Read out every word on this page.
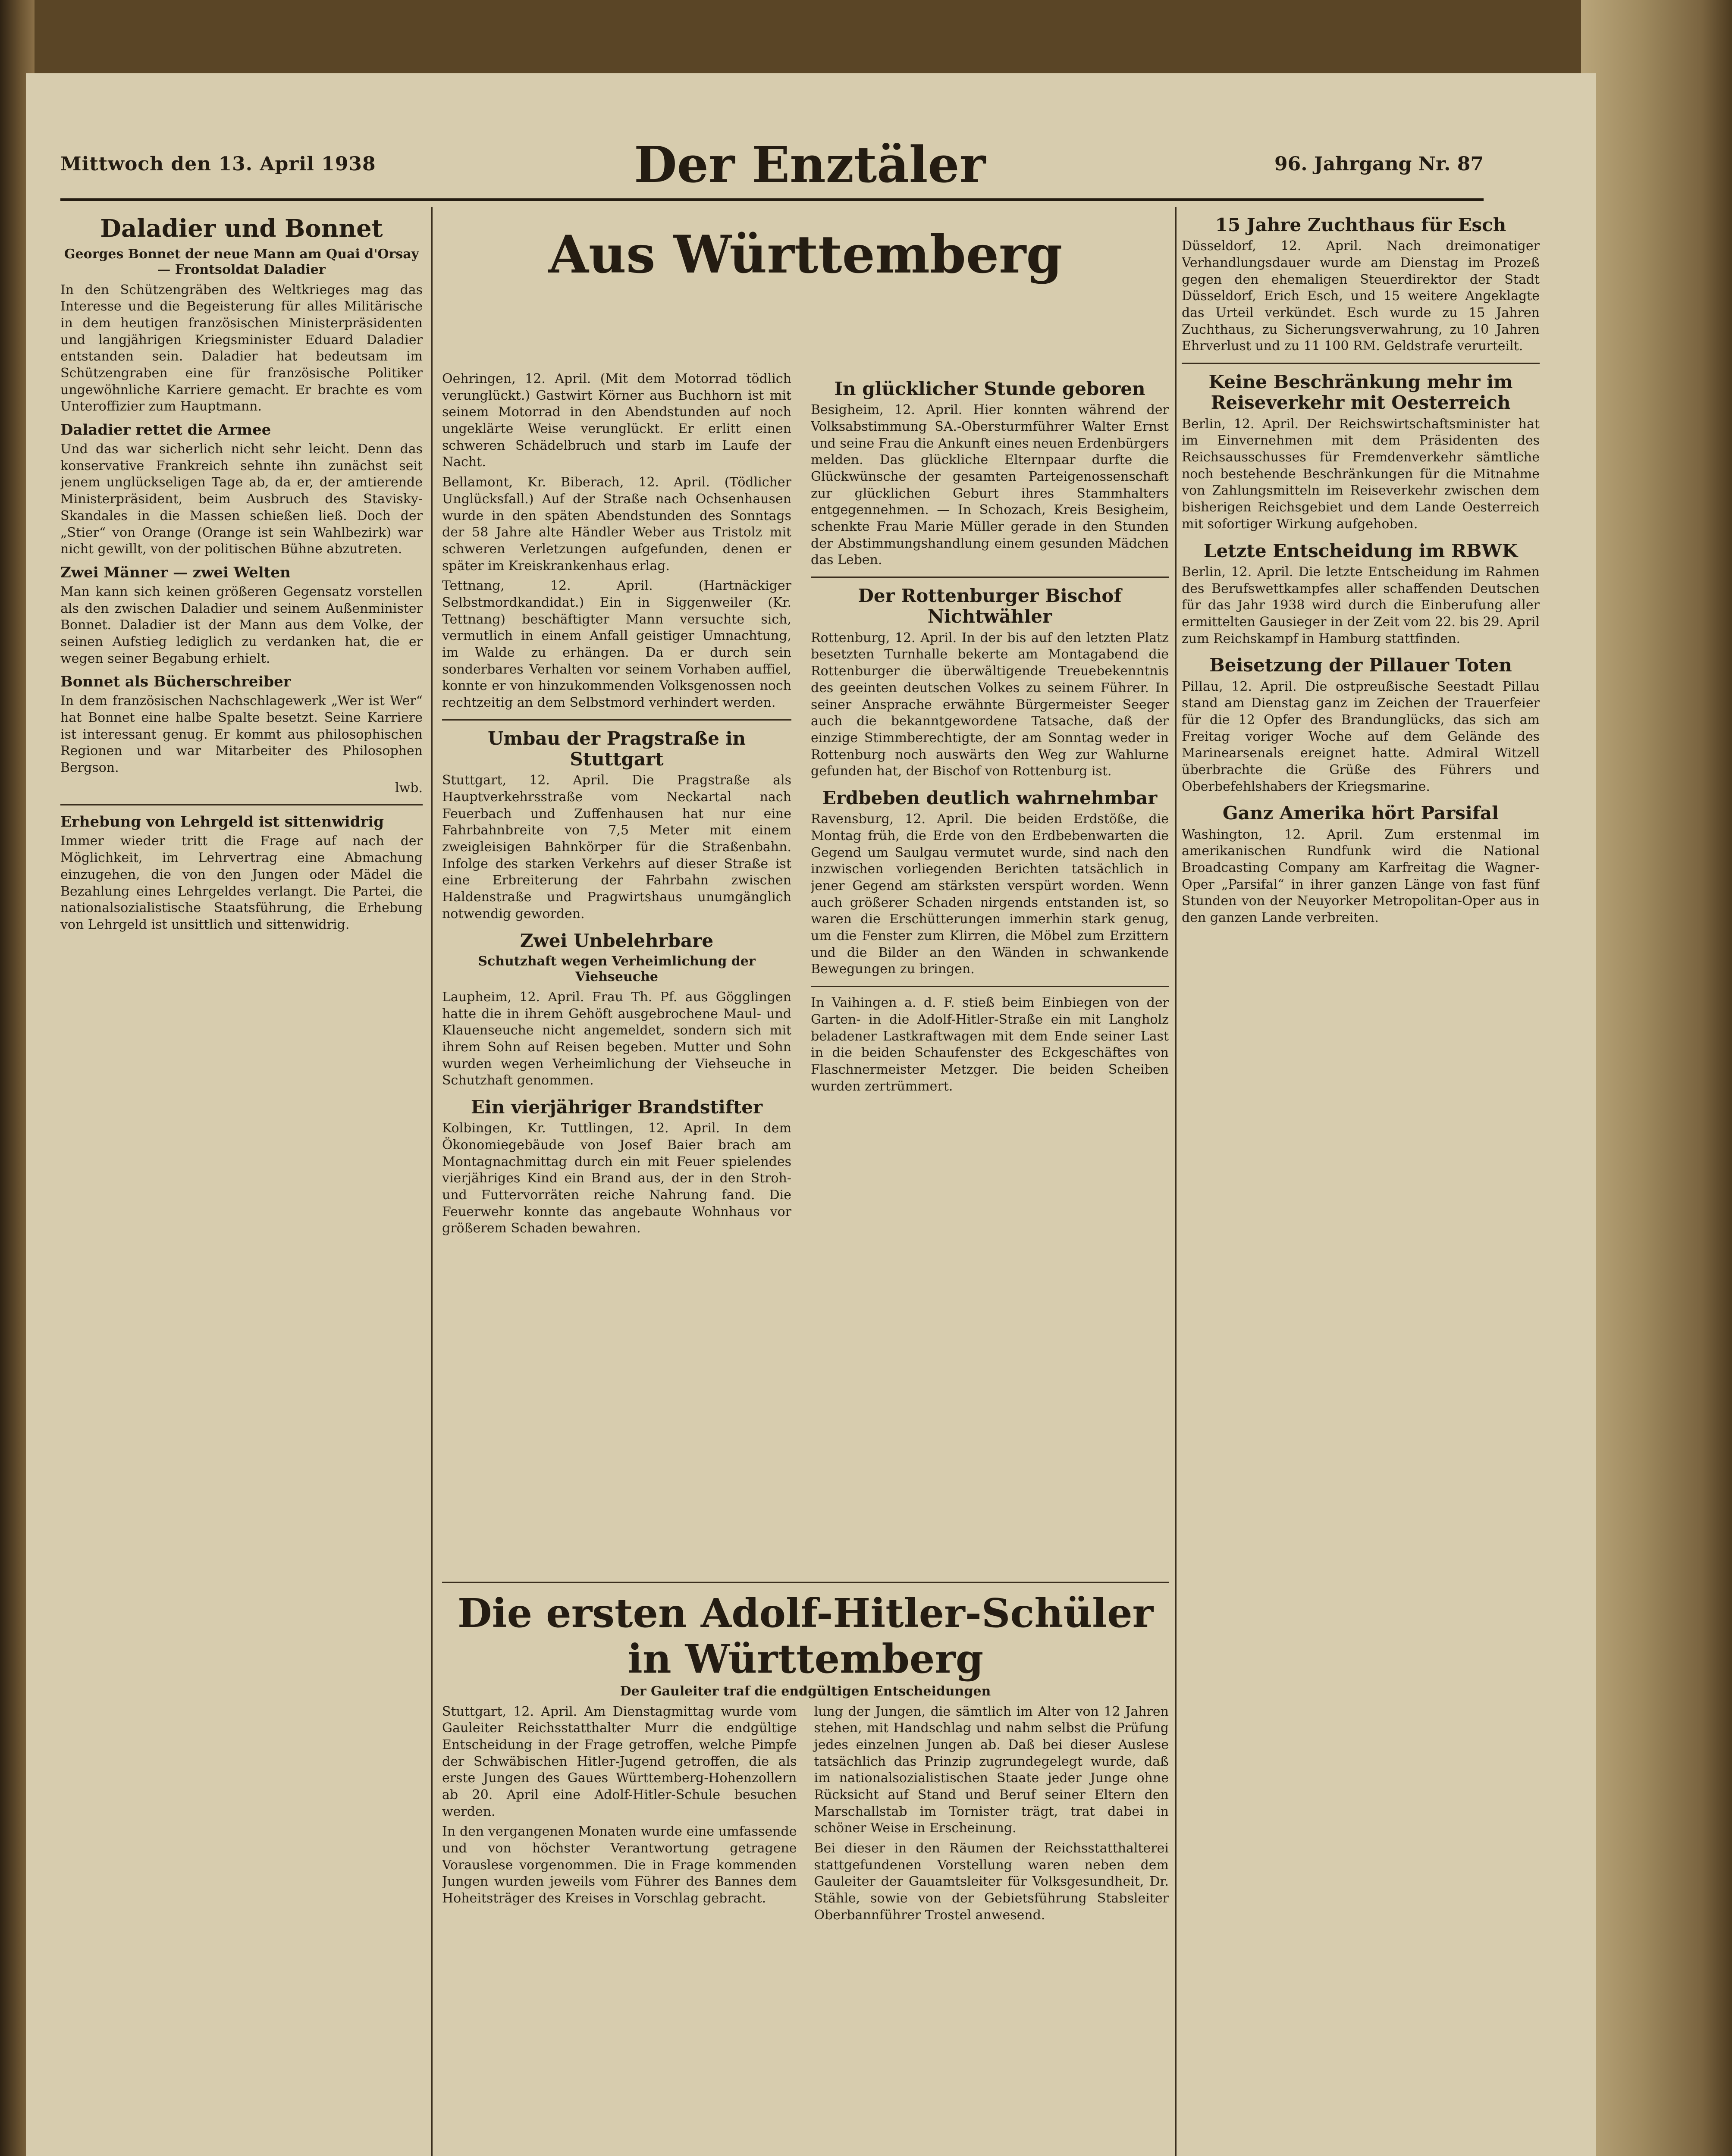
Mittwoch den 13. April 1938	Der Enztäler	96. Jahrgang Nr. 87
Daladier und Bonnet
Georges Bonnet der neue Mann am Quai d'Orsay — Frontsoldat Daladier

In den Schützengräben des Weltkrieges mag das Interesse und die Begeisterung für alles Militärische in dem heutigen französischen Ministerpräsidenten und langjährigen Kriegsminister Eduard Daladier entstanden sein. Daladier hat bedeutsam im Schützengraben eine für französische Politiker ungewöhnliche Karriere gemacht. Er brachte es vom Unteroffizier zum Hauptmann.

Daladier rettet die Armee

Und das war sicherlich nicht sehr leicht. Denn das konservative Frankreich sehnte ihn zunächst seit jenem unglückseligen Tage ab, da er, der amtierende Ministerpräsident, beim Ausbruch des Stavisky-Skandales in die Massen schießen ließ. Doch der „Stier“ von Orange (Orange ist sein Wahlbezirk) war nicht gewillt, von der politischen Bühne abzutreten.

Zwei Männer — zwei Welten

Man kann sich keinen größeren Gegensatz vorstellen als den zwischen Daladier und seinem Außenminister Bonnet. Daladier ist der Mann aus dem Volke, der seinen Aufstieg lediglich zu verdanken hat, die er wegen seiner Begabung erhielt.

Bonnet als Bücherschreiber

In dem französischen Nachschlagewerk „Wer ist Wer“ hat Bonnet eine halbe Spalte besetzt. Seine Karriere ist interessant genug. Er kommt aus philosophischen Regionen und war Mitarbeiter des Philosophen Bergson.

lwb.

Erhebung von Lehrgeld ist sittenwidrig

Immer wieder tritt die Frage auf nach der Möglichkeit, im Lehrvertrag eine Abmachung einzugehen, die von den Jungen oder Mädel die Bezahlung eines Lehrgeldes verlangt. Die Partei, die nationalsozialistische Staatsführung, die Erhebung von Lehrgeld ist unsittlich und sittenwidrig.

Aus Württemberg

Oehringen, 12. April. (Mit dem Motorrad tödlich verunglückt.) Gastwirt Körner aus Buchhorn ist mit seinem Motorrad in den Abendstunden auf noch ungeklärte Weise verunglückt. Er erlitt einen schweren Schädelbruch und starb im Laufe der Nacht.

Bellamont, Kr. Biberach, 12. April. (Tödlicher Unglücksfall.) Auf der Straße nach Ochsenhausen wurde in den späten Abendstunden des Sonntags der 58 Jahre alte Händler Weber aus Tristolz mit schweren Verletzungen aufgefunden, denen er später im Kreiskrankenhaus erlag.

Tettnang, 12. April. (Hartnäckiger Selbstmordkandidat.) Ein in Siggenweiler (Kr. Tettnang) beschäftigter Mann versuchte sich, vermutlich in einem Anfall geistiger Umnachtung, im Walde zu erhängen. Da er durch sein sonderbares Verhalten vor seinem Vorhaben auffiel, konnte er von hinzukommenden Volksgenossen noch rechtzeitig an dem Selbstmord verhindert werden.

Umbau der Pragstraße in Stuttgart

Stuttgart, 12. April. Die Pragstraße als Hauptverkehrsstraße vom Neckartal nach Feuerbach und Zuffenhausen hat nur eine Fahrbahnbreite von 7,5 Meter mit einem zweigleisigen Bahnkörper für die Straßenbahn. Infolge des starken Verkehrs auf dieser Straße ist eine Erbreiterung der Fahrbahn zwischen Haldenstraße und Pragwirtshaus unumgänglich notwendig geworden.

Zwei Unbelehrbare
Schutzhaft wegen Verheimlichung der Viehseuche

Laupheim, 12. April. Frau Th. Pf. aus Gögglingen hatte die in ihrem Gehöft ausgebrochene Maul- und Klauenseuche nicht angemeldet, sondern sich mit ihrem Sohn auf Reisen begeben. Mutter und Sohn wurden wegen Verheimlichung der Viehseuche in Schutzhaft genommen.

Ein vierjähriger Brandstifter

Kolbingen, Kr. Tuttlingen, 12. April. In dem Ökonomiegebäude von Josef Baier brach am Montagnachmittag durch ein mit Feuer spielendes vierjähriges Kind ein Brand aus, der in den Stroh- und Futtervorräten reiche Nahrung fand. Die Feuerwehr konnte das angebaute Wohnhaus vor größerem Schaden bewahren.

In glücklicher Stunde geboren

Besigheim, 12. April. Hier konnten während der Volksabstimmung SA.-Obersturmführer Walter Ernst und seine Frau die Ankunft eines neuen Erdenbürgers melden. Das glückliche Elternpaar durfte die Glückwünsche der gesamten Parteigenossenschaft zur glücklichen Geburt ihres Stammhalters entgegennehmen. — In Schozach, Kreis Besigheim, schenkte Frau Marie Müller gerade in den Stunden der Abstimmungshandlung einem gesunden Mädchen das Leben.

Der Rottenburger Bischof Nichtwähler

Rottenburg, 12. April. In der bis auf den letzten Platz besetzten Turnhalle bekerte am Montagabend die Rottenburger die überwältigende Treuebekenntnis des geeinten deutschen Volkes zu seinem Führer. In seiner Ansprache erwähnte Bürgermeister Seeger auch die bekanntgewordene Tatsache, daß der einzige Stimmberechtigte, der am Sonntag weder in Rottenburg noch auswärts den Weg zur Wahlurne gefunden hat, der Bischof von Rottenburg ist.

Erdbeben deutlich wahrnehmbar

Ravensburg, 12. April. Die beiden Erdstöße, die Montag früh, die Erde von den Erdbebenwarten die Gegend um Saulgau vermutet wurde, sind nach den inzwischen vorliegenden Berichten tatsächlich in jener Gegend am stärksten verspürt worden. Wenn auch größerer Schaden nirgends entstanden ist, so waren die Erschütterungen immerhin stark genug, um die Fenster zum Klirren, die Möbel zum Erzittern und die Bilder an den Wänden in schwankende Bewegungen zu bringen.

In Vaihingen a. d. F. stieß beim Einbiegen von der Garten- in die Adolf-Hitler-Straße ein mit Langholz beladener Lastkraftwagen mit dem Ende seiner Last in die beiden Schaufenster des Eckgeschäftes von Flaschnermeister Metzger. Die beiden Scheiben wurden zertrümmert.

15 Jahre Zuchthaus für Esch

Düsseldorf, 12. April. Nach dreimonatiger Verhandlungsdauer wurde am Dienstag im Prozeß gegen den ehemaligen Steuerdirektor der Stadt Düsseldorf, Erich Esch, und 15 weitere Angeklagte das Urteil verkündet. Esch wurde zu 15 Jahren Zuchthaus, zu Sicherungsverwahrung, zu 10 Jahren Ehrverlust und zu 11 100 RM. Geldstrafe verurteilt.

Keine Beschränkung mehr im Reiseverkehr mit Oesterreich

Berlin, 12. April. Der Reichswirtschaftsminister hat im Einvernehmen mit dem Präsidenten des Reichsausschusses für Fremdenverkehr sämtliche noch bestehende Beschränkungen für die Mitnahme von Zahlungsmitteln im Reiseverkehr zwischen dem bisherigen Reichsgebiet und dem Lande Oesterreich mit sofortiger Wirkung aufgehoben.

Letzte Entscheidung im RBWK

Berlin, 12. April. Die letzte Entscheidung im Rahmen des Berufswettkampfes aller schaffenden Deutschen für das Jahr 1938 wird durch die Einberufung aller ermittelten Gausieger in der Zeit vom 22. bis 29. April zum Reichskampf in Hamburg stattfinden.

Beisetzung der Pillauer Toten

Pillau, 12. April. Die ostpreußische Seestadt Pillau stand am Dienstag ganz im Zeichen der Trauerfeier für die 12 Opfer des Brandunglücks, das sich am Freitag voriger Woche auf dem Gelände des Marinearsenals ereignet hatte. Admiral Witzell überbrachte die Grüße des Führers und Oberbefehlshabers der Kriegsmarine.

Ganz Amerika hört Parsifal

Washington, 12. April. Zum erstenmal im amerikanischen Rundfunk wird die National Broadcasting Company am Karfreitag die Wagner-Oper „Parsifal“ in ihrer ganzen Länge von fast fünf Stunden von der Neuyorker Metropolitan-Oper aus in den ganzen Lande verbreiten.

Die ersten Adolf-Hitler-Schüler in Württemberg
Der Gauleiter traf die endgültigen Entscheidungen

Stuttgart, 12. April. Am Dienstagmittag wurde vom Gauleiter Reichsstatthalter Murr die endgültige Entscheidung in der Frage getroffen, welche Pimpfe der Schwäbischen Hitler-Jugend getroffen, die als erste Jungen des Gaues Württemberg-Hohenzollern ab 20. April eine Adolf-Hitler-Schule besuchen werden.

In den vergangenen Monaten wurde eine umfassende und von höchster Verantwortung getragene Vorauslese vorgenommen. Die in Frage kommenden Jungen wurden jeweils vom Führer des Bannes dem Hoheitsträger des Kreises in Vorschlag gebracht.

lung der Jungen, die sämtlich im Alter von 12 Jahren stehen, mit Handschlag und nahm selbst die Prüfung jedes einzelnen Jungen ab. Daß bei dieser Auslese tatsächlich das Prinzip zugrundegelegt wurde, daß im nationalsozialistischen Staate jeder Junge ohne Rücksicht auf Stand und Beruf seiner Eltern den Marschallstab im Tornister trägt, trat dabei in schöner Weise in Erscheinung.

Bei dieser in den Räumen der Reichsstatthalterei stattgefundenen Vorstellung waren neben dem Gauleiter der Gauamtsleiter für Volksgesundheit, Dr. Stähle, sowie von der Gebietsführung Stabsleiter Oberbannführer Trostel anwesend.
